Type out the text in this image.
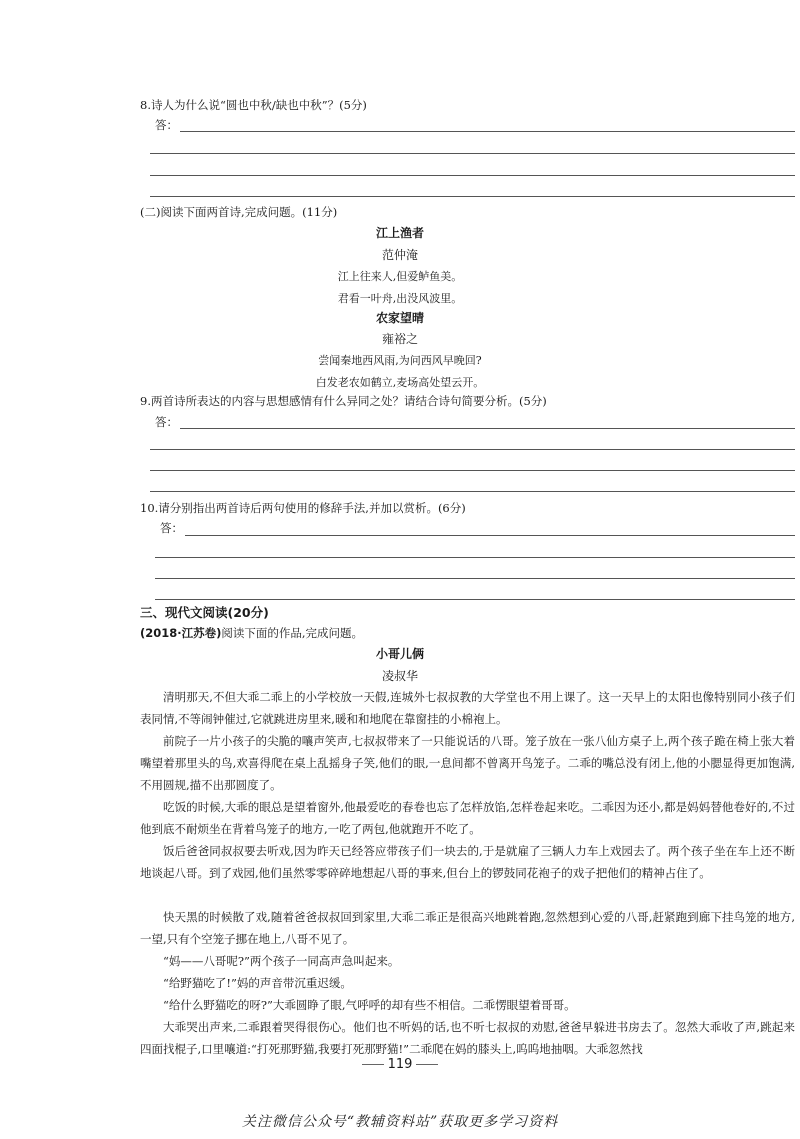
8.诗人为什么说“圆也中秋/缺也中秋”？(5分)
答：
(二)阅读下面两首诗,完成问题。(11分)
江上渔者
范仲淹
江上往来人,但爱鲈鱼美。
君看一叶舟,出没风波里。
农家望晴
雍裕之
尝闻秦地西风雨,为问西风早晚回?
白发老农如鹤立,麦场高处望云开。
9.两首诗所表达的内容与思想感情有什么异同之处？请结合诗句简要分析。(5分)
答：
10.请分别指出两首诗后两句使用的修辞手法,并加以赏析。(6分)
答：
三、现代文阅读(20分)
(2018·江苏卷)阅读下面的作品,完成问题。
小哥儿俩
凌叔华
清明那天,不但大乖二乖上的小学校放一天假,连城外七叔叔教的大学堂也不用上课了。这一天早上的太阳也像特别同小孩子们表同情,不等闹钟催过,它就跳进房里来,暖和和地爬在靠窗挂的小棉袍上。
前院子一片小孩子的尖脆的嚷声笑声,七叔叔带来了一只能说话的八哥。笼子放在一张八仙方桌子上,两个孩子跪在椅上张大着嘴望着那里头的鸟,欢喜得爬在桌上乱摇身子笑,他们的眼,一息间都不曾离开鸟笼子。二乖的嘴总没有闭上,他的小腮显得更加饱满,不用圆规,描不出那圆度了。
吃饭的时候,大乖的眼总是望着窗外,他最爱吃的春卷也忘了怎样放馅,怎样卷起来吃。二乖因为还小,都是妈妈替他卷好的,不过他到底不耐烦坐在背着鸟笼子的地方,一吃了两包,他就跑开不吃了。
饭后爸爸同叔叔要去听戏,因为昨天已经答应带孩子们一块去的,于是就雇了三辆人力车上戏园去了。两个孩子坐在车上还不断地谈起八哥。到了戏园,他们虽然零零碎碎地想起八哥的事来,但台上的锣鼓同花袍子的戏子把他们的精神占住了。
快天黑的时候散了戏,随着爸爸叔叔回到家里,大乖二乖正是很高兴地跳着跑,忽然想到心爱的八哥,赶紧跑到廊下挂鸟笼的地方,一望,只有个空笼子挪在地上,八哥不见了。
“妈——八哥呢?”两个孩子一同高声急叫起来。
“给野猫吃了!”妈的声音带沉重迟缓。
“给什么野猫吃的呀?”大乖圆睁了眼,气呼呼的却有些不相信。二乖愣眼望着哥哥。
大乖哭出声来,二乖跟着哭得很伤心。他们也不听妈的话,也不听七叔叔的劝慰,爸爸早躲进书房去了。忽然大乖收了声,跳起来四面找棍子,口里嚷道:“打死那野猫,我要打死那野猫!”二乖爬在妈的膝头上,呜呜地抽咽。大乖忽然找
119
关注微信公众号“教辅资料站”获取更多学习资料
